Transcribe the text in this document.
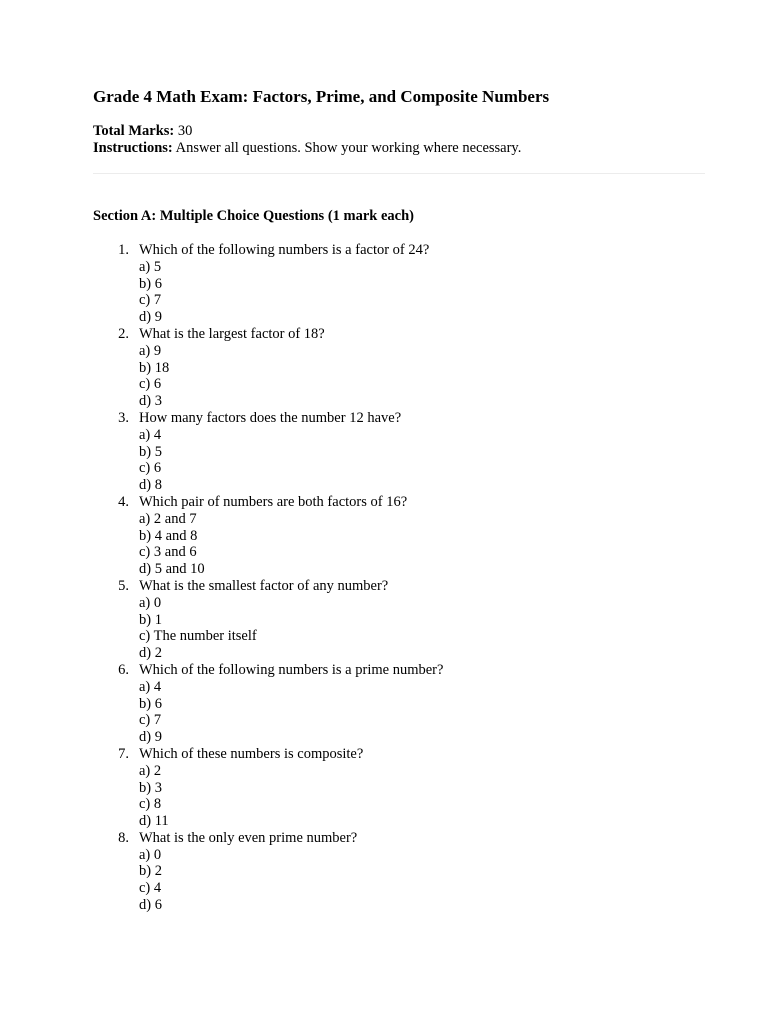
Grade 4 Math Exam: Factors, Prime, and Composite Numbers
Total Marks: 30
Instructions: Answer all questions. Show your working where necessary.
Section A: Multiple Choice Questions (1 mark each)
1. Which of the following numbers is a factor of 24?
a) 5
b) 6
c) 7
d) 9
2. What is the largest factor of 18?
a) 9
b) 18
c) 6
d) 3
3. How many factors does the number 12 have?
a) 4
b) 5
c) 6
d) 8
4. Which pair of numbers are both factors of 16?
a) 2 and 7
b) 4 and 8
c) 3 and 6
d) 5 and 10
5. What is the smallest factor of any number?
a) 0
b) 1
c) The number itself
d) 2
6. Which of the following numbers is a prime number?
a) 4
b) 6
c) 7
d) 9
7. Which of these numbers is composite?
a) 2
b) 3
c) 8
d) 11
8. What is the only even prime number?
a) 0
b) 2
c) 4
d) 6
